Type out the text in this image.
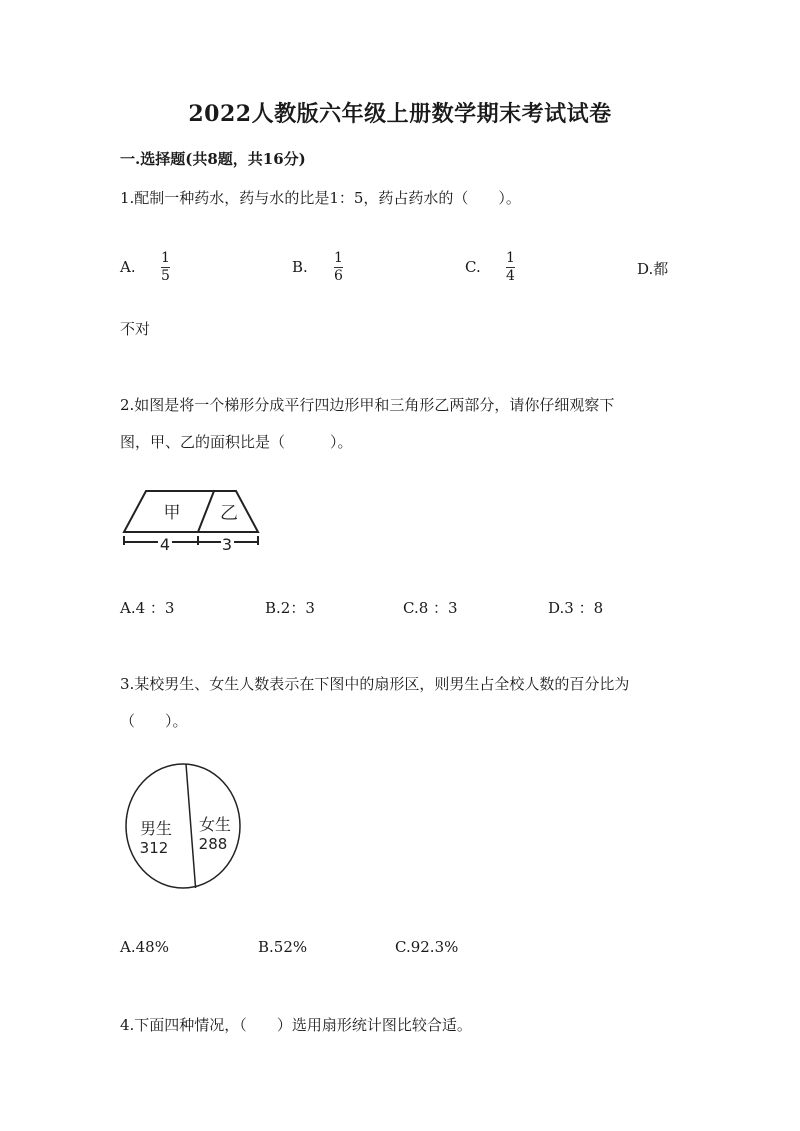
2022人教版六年级上册数学期末考试试卷
一.选择题(共8题，共16分)
1.配制一种药水，药与水的比是1：5，药占药水的（　　）。
A. 1
5	B. 1
6	C. 1
4	D.都
不对
2.如图是将一个梯形分成平行四边形甲和三角形乙两部分，请你仔细观察下
图，甲、乙的面积比是（　　　）。
甲 乙
4	3
A.4 ：3	B.2：3	C.8 ：3	D.3 ：8
3.某校男生、女生人数表示在下图中的扇形区，则男生占全校人数的百分比为
（　　）。
男生
312
女生
288
A.48%	B.52%	C.92.3%
4.下面四种情况，（　　）选用扇形统计图比较合适。
